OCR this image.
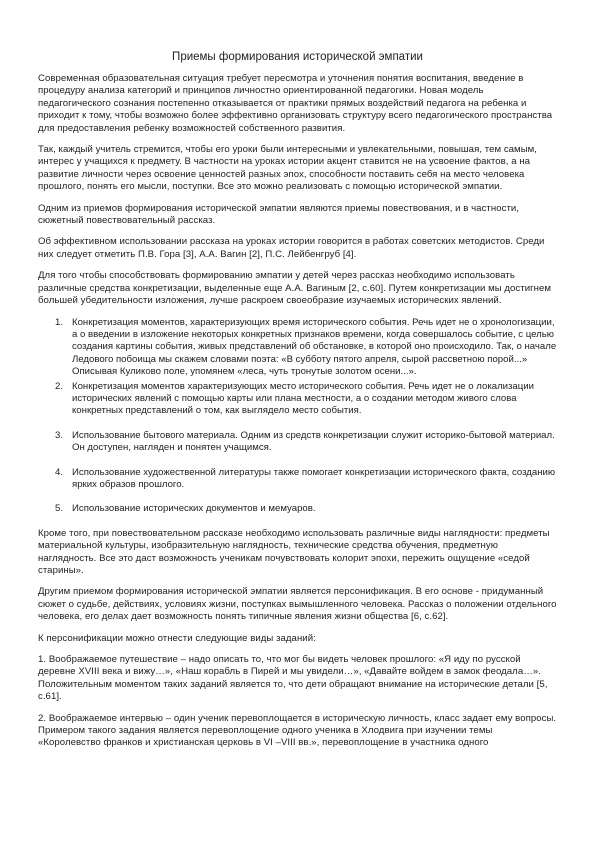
Приемы формирования исторической эмпатии

Современная образовательная ситуация требует пересмотра и уточнения понятия воспитания, введение в процедуру анализа категорий и принципов личностно ориентированной педагогики. Новая модель педагогического сознания постепенно отказывается от практики прямых воздействий педагога на ребенка и приходит к тому, чтобы возможно более эффективно организовать структуру всего педагогического пространства для предоставления ребенку возможностей собственного развития.

Так, каждый учитель стремится, чтобы его уроки были интересными и увлекательными, повышая, тем самым, интерес у учащихся к предмету. В частности на уроках истории акцент ставится не на усвоение фактов, а на развитие личности через освоение ценностей разных эпох, способности поставить себя на место человека прошлого, понять его мысли, поступки. Все это можно реализовать с помощью исторической эмпатии.

Одним из приемов формирования исторической эмпатии являются приемы повествования, и в частности, сюжетный повествовательный рассказ.

Об эффективном использовании рассказа на уроках истории говорится в работах советских методистов. Среди них следует отметить П.В. Гора [3], А.А. Вагин [2], П.С. Лейбенгруб [4].

Для того чтобы способствовать формированию эмпатии у детей через рассказ необходимо использовать различные средства конкретизации, выделенные еще А.А. Вагиным [2, с.60]. Путем конкретизации мы достигнем большей убедительности изложения, лучше раскроем своеобразие изучаемых исторических явлений.

1. Конкретизация моментов, характеризующих время исторического события. Речь идет не о хронологизации, а о введении в изложение некоторых конкретных признаков времени, когда совершалось событие, с целью создания картины события, живых представлений об обстановке, в которой оно происходило. Так, о начале Ледового побоища мы скажем словами поэта: «В субботу пятого апреля, сырой рассветною порой...» Описывая Куликово поле, упомянем «леса, чуть тронутые золотом осени...».
2. Конкретизация моментов характеризующих место исторического события. Речь идет не о локализации исторических явлений с помощью карты или плана местности, а о создании методом живого слова конкретных представлений о том, как выглядело место события.
3. Использование бытового материала. Одним из средств конкретизации служит историко-бытовой материал. Он доступен, нагляден и понятен учащимся.
4. Использование художественной литературы также помогает конкретизации исторического факта, созданию ярких образов прошлого.
5. Использование исторических документов и мемуаров.

Кроме того, при повествовательном рассказе необходимо использовать различные виды наглядности: предметы материальной культуры, изобразительную наглядность, технические средства обучения, предметную наглядность. Все это даст возможность ученикам почувствовать колорит эпохи, пережить ощущение «седой старины».

Другим приемом формирования исторической эмпатии является персонификация. В его основе - придуманный сюжет о судьбе, действиях, условиях жизни, поступках вымышленного человека. Рассказ о положении отдельного человека, его делах дает возможность понять типичные явления жизни общества [6, с.62].

К персонификации можно отнести следующие виды заданий:

1. Воображаемое путешествие – надо описать то, что мог бы видеть человек прошлого: «Я иду по русской деревне XVIII века и вижу…», «Наш корабль в Пирей и мы увидели…», «Давайте войдем в замок феодала…». Положительным моментом таких заданий является то, что дети обращают внимание на исторические детали [5, с.61].

2. Воображаемое интервью – один ученик перевоплощается в историческую личность, класс задает ему вопросы. Примером такого задания является перевоплощение одного ученика в Хлодвига при изучении темы «Королевство франков и христианская церковь в VI –VIII вв.», перевоплощение в участника одного
